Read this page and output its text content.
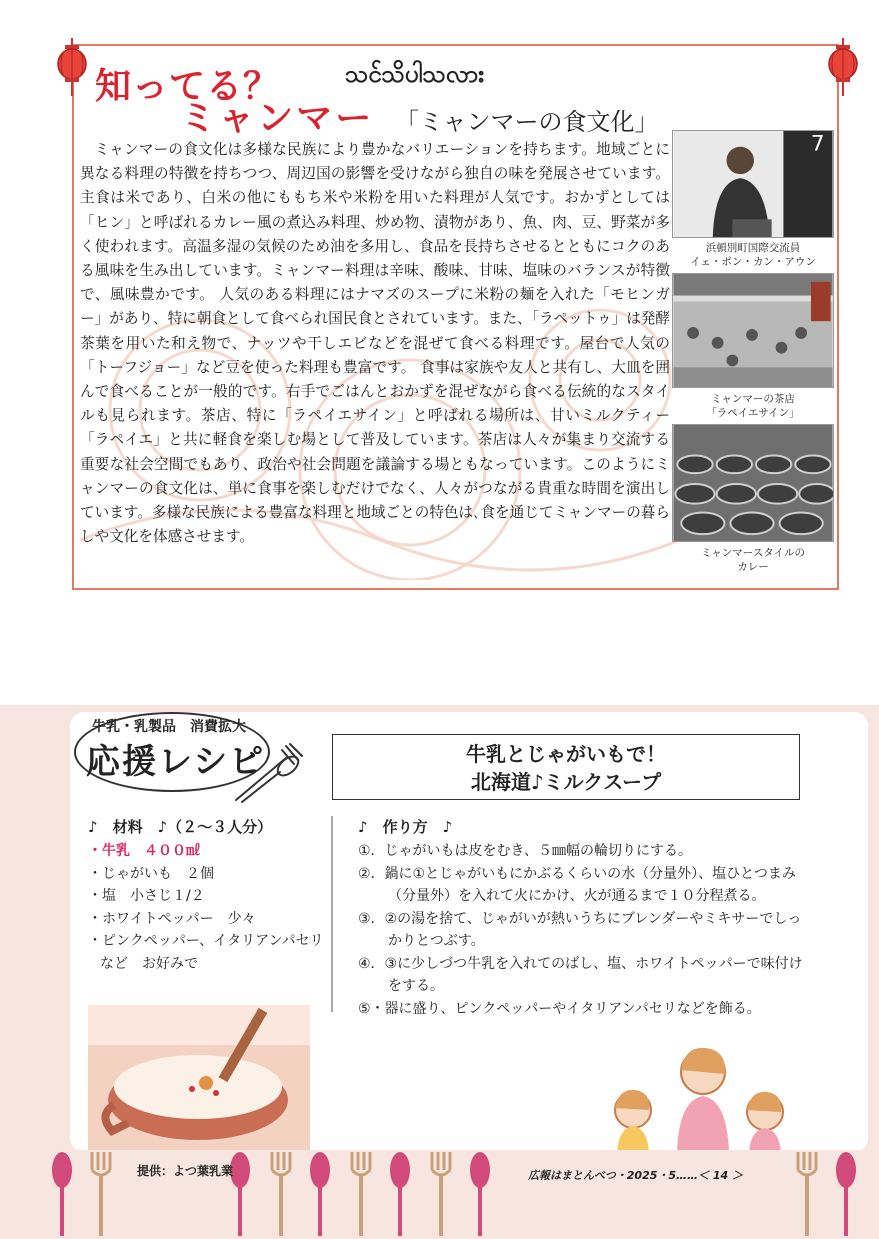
知ってる？	သင်သိပါသလား
ミャンマー 「ミャンマーの食文化」

ミャンマーの食文化は多様な民族により豊かなバリエーションを持ちます。地域ごとに異なる料理の特徴を持ちつつ、周辺国の影響を受けながら独自の味を発展させています。主食は米であり、白米の他にももち米や米粉を用いた料理が人気です。おかずとしては「ヒン」と呼ばれるカレー風の煮込み料理、炒め物、漬物があり、魚、肉、豆、野菜が多く使われます。高温多湿の気候のため油を多用し、食品を長持ちさせるとともにコクのある風味を生み出しています。ミャンマー料理は辛味、酸味、甘味、塩味のバランスが特徴で、風味豊かです。 人気のある料理にはナマズのスープに米粉の麺を入れた「モヒンガー」があり、特に朝食として食べられ国民食とされています。また、「ラペットゥ」は発酵茶葉を用いた和え物で、ナッツや干しエビなどを混ぜて食べる料理です。屋台で人気の「トーフジョー」など豆を使った料理も豊富です。 食事は家族や友人と共有し、大皿を囲んで食べることが一般的です。右手でごはんとおかずを混ぜながら食べる伝統的なスタイルも見られます。茶店、特に「ラペイエサイン」と呼ばれる場所は、甘いミルクティー「ラペイエ」と共に軽食を楽しむ場として普及しています。茶店は人々が集まり交流する重要な社会空間でもあり、政治や社会問題を議論する場ともなっています。このようにミャンマーの食文化は、単に食事を楽しむだけでなく、人々がつながる貴重な時間を演出しています。多様な民族による豊富な料理と地域ごとの特色は､食を通じてミャンマーの暮らしや文化を体感させます。

7
浜頓別町国際交流員
イェ・ポン・カン・アウン
ミャンマーの茶店
「ラペイエサイン」
ミャンマースタイルの
カレー
牛乳・乳製品　消費拡大
応援レシピ	牛乳とじゃがいもで！
北海道♪ミルクスープ
♪　材料　♪（２～３人分）
・牛乳　４００㎖
・じゃがいも　２個
・塩　小さじ１/２
・ホワイトペッパー　少々
・ピンクペッパー、イタリアンパセリなど　お好みで
♪　作り方　♪
①．じゃがいもは皮をむき、５㎜幅の輪切りにする。
②．鍋に①とじゃがいもにかぶるくらいの水（分量外）、塩ひとつまみ（分量外）を入れて火にかけ、火が通るまで１０分程煮る。
③．②の湯を捨て、じゃがいが熱いうちにブレンダーやミキサーでしっかりとつぶす。
④．③に少しづつ牛乳を入れてのばし、塩、ホワイトペッパーで味付けをする。
⑤・器に盛り、ピンクペッパーやイタリアンパセリなどを飾る。
提供：よつ葉乳業	広報はまとんべつ・2025・5……＜ 14 ＞
